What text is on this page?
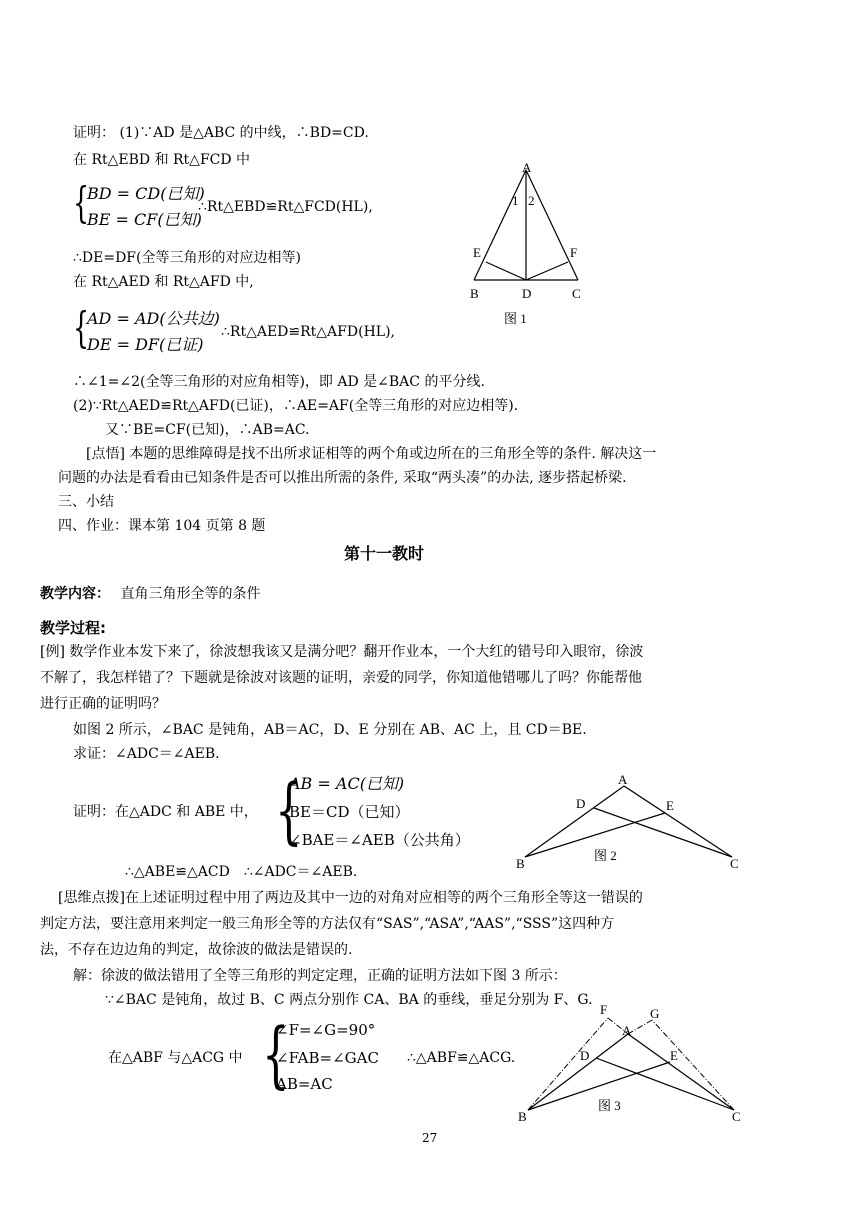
证明： (1)∵AD 是△ABC 的中线，∴BD=CD.
在 Rt△EBD 和 Rt△FCD 中
{
BD = CD(已知)
BE = CF(已知)
∴Rt△EBD≌Rt△FCD(HL),
∴DE=DF(全等三角形的对应边相等)
在 Rt△AED 和 Rt△AFD 中,
{
AD = AD(公共边)
DE = DF(已证)
∴Rt△AED≌Rt△AFD(HL),
A
B	C
D
E	F
1 2
图 1
∴∠1=∠2(全等三角形的对应角相等)，即 AD 是∠BAC 的平分线.
(2)∵Rt△AED≌Rt△AFD(已证)，∴AE=AF(全等三角形的对应边相等).
又∵BE=CF(已知)，∴AB=AC.
[点悟] 本题的思维障碍是找不出所求证相等的两个角或边所在的三角形全等的条件. 解决这一
问题的办法是看看由已知条件是否可以推出所需的条件, 采取“两头凑”的办法, 逐步搭起桥梁.
三、小结
四、作业：课本第 104 页第 8 题
第十一教时
教学内容： 直角三角形全等的条件
教学过程:
[例] 数学作业本发下来了，徐波想我该又是满分吧？翻开作业本，一个大红的错号印入眼帘，徐波
不解了，我怎样错了？下题就是徐波对该题的证明，亲爱的同学，你知道他错哪儿了吗？你能帮他
进行正确的证明吗？
如图 2 所示，∠BAC 是钝角，AB＝AC，D、E 分别在 AB、AC 上，且 CD＝BE.
求证：∠ADC＝∠AEB.
证明：在△ADC 和 ABE 中， {
AB = AC(已知)
BE＝CD（已知）
∠BAE＝∠AEB（公共角）
A
B	C
D	E
图 2
∴△ABE≌△ACD　∴∠ADC＝∠AEB.
[思维点拨]在上述证明过程中用了两边及其中一边的对角对应相等的两个三角形全等这一错误的
判定方法，要注意用来判定一般三角形全等的方法仅有“SAS”,“ASA”,“AAS”,“SSS”这四种方
法，不存在边边角的判定，故徐波的做法是错误的.
解：徐波的做法错用了全等三角形的判定定理，正确的证明方法如下图 3 所示：
∵∠BAC 是钝角，故过 B、C 两点分别作 CA、BA 的垂线，垂足分别为 F、G.
在△ABF 与△ACG 中 {
∠F=∠G=90°
∠FAB=∠GAC
AB=AC
∴△ABF≌△ACG.
F	G
A
B	C
D	E
图 3
27
